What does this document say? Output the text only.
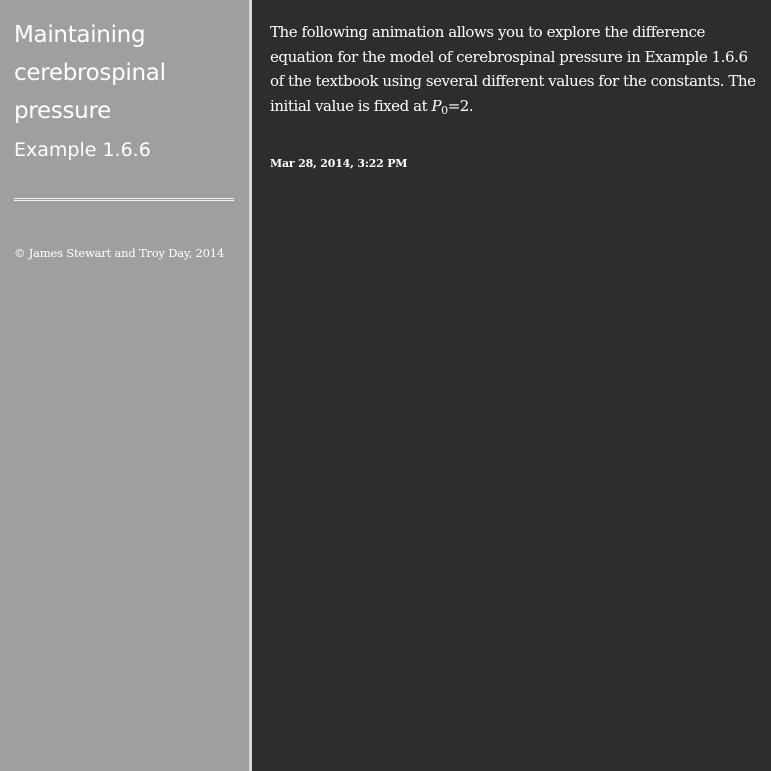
Maintaining
cerebrospinal
pressure
Example 1.6.6
© James Stewart and Troy Day, 2014

The following animation allows you to explore the difference equation for the model of cerebrospinal pressure in Example 1.6.6 of the textbook using several different values for the constants. The initial value is fixed at $P_0=2$.

Mar 28, 2014, 3:22 PM
